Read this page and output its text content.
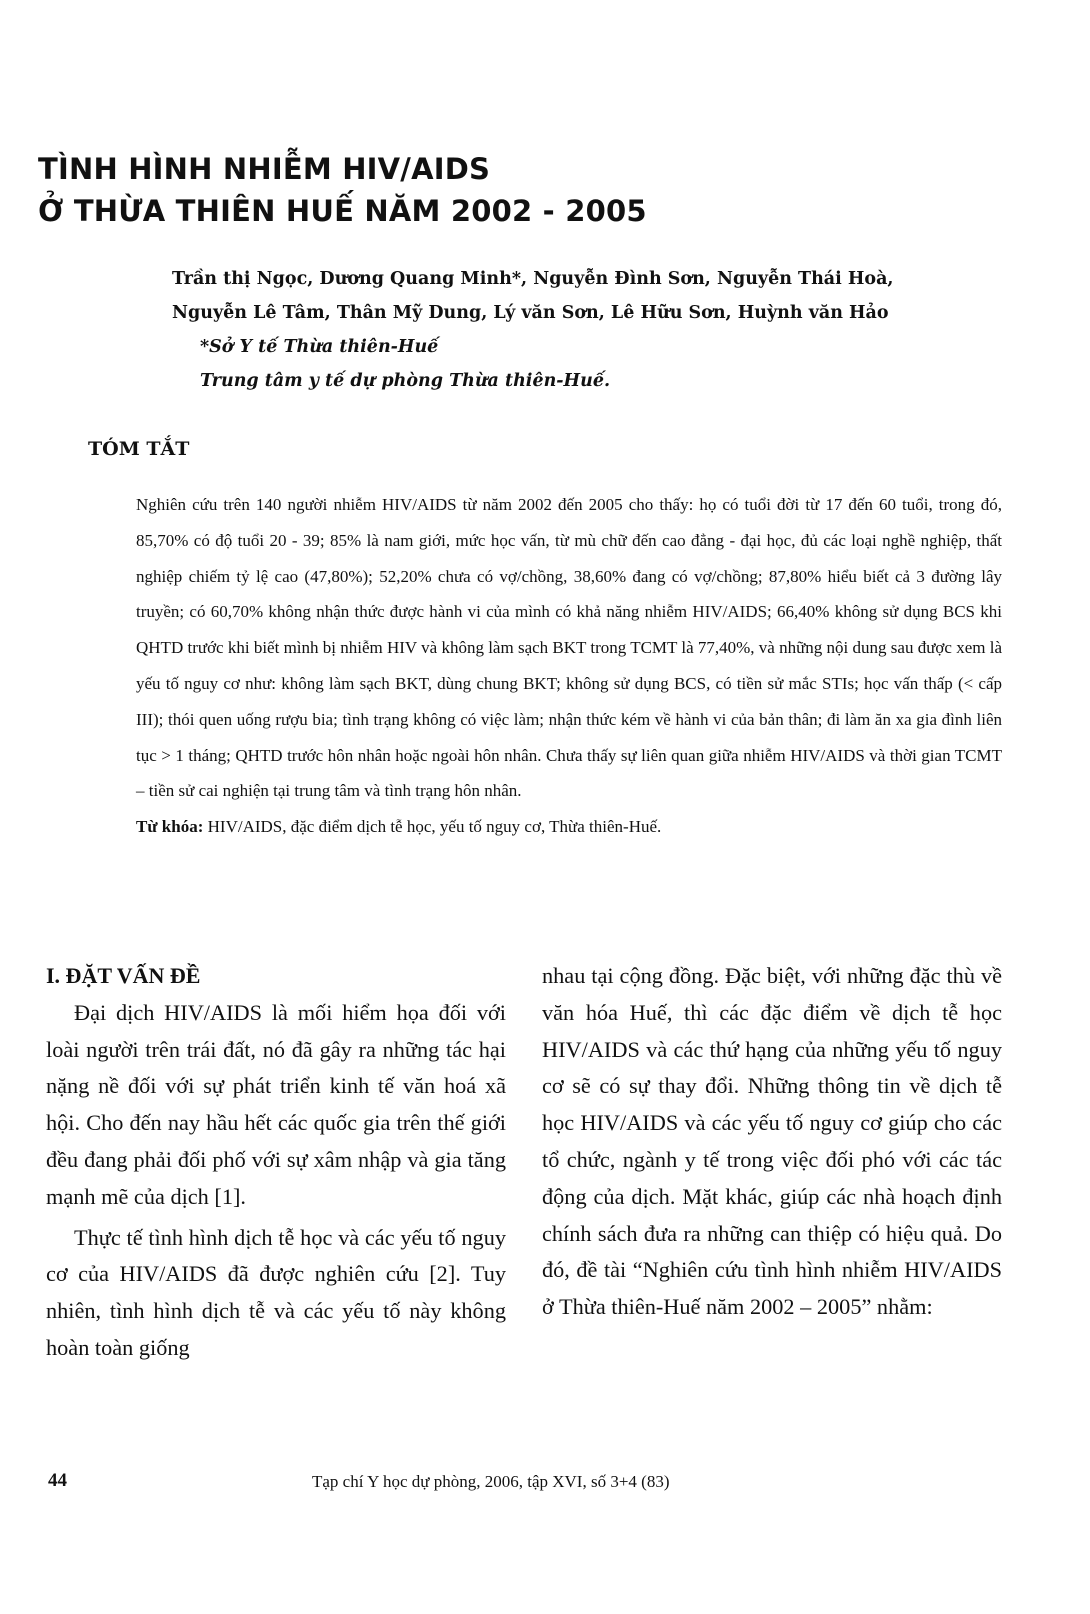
TÌNH HÌNH NHIỄM HIV/AIDS
Ở THỪA THIÊN HUẾ NĂM 2002 - 2005
Trần thị Ngọc, Dương Quang Minh*, Nguyễn Đình Sơn, Nguyễn Thái Hoà,
Nguyễn Lê Tâm, Thân Mỹ Dung, Lý văn Sơn, Lê Hữu Sơn, Huỳnh văn Hảo
*Sở Y tế Thừa thiên-Huế
Trung tâm y tế dự phòng Thừa thiên-Huế.
TÓM TẮT

Nghiên cứu trên 140 người nhiễm HIV/AIDS từ năm 2002 đến 2005 cho thấy: họ có tuổi đời từ 17 đến 60 tuổi, trong đó, 85,70% có độ tuổi 20 - 39; 85% là nam giới, mức học vấn, từ mù chữ đến cao đẳng - đại học, đủ các loại nghề nghiệp, thất nghiệp chiếm tỷ lệ cao (47,80%); 52,20% chưa có vợ/chồng, 38,60% đang có vợ/chồng; 87,80% hiểu biết cả 3 đường lây truyền; có 60,70% không nhận thức được hành vi của mình có khả năng nhiễm HIV/AIDS; 66,40% không sử dụng BCS khi QHTD trước khi biết mình bị nhiễm HIV và không làm sạch BKT trong TCMT là 77,40%, và những nội dung sau được xem là yếu tố nguy cơ như: không làm sạch BKT, dùng chung BKT; không sử dụng BCS, có tiền sử mắc STIs; học vấn thấp (< cấp III); thói quen uống rượu bia; tình trạng không có việc làm; nhận thức kém về hành vi của bản thân; đi làm ăn xa gia đình liên tục > 1 tháng; QHTD trước hôn nhân hoặc ngoài hôn nhân. Chưa thấy sự liên quan giữa nhiễm HIV/AIDS và thời gian TCMT – tiền sử cai nghiện tại trung tâm và tình trạng hôn nhân.

Từ khóa: HIV/AIDS, đặc điểm dịch tễ học, yếu tố nguy cơ, Thừa thiên-Huế.

I. ĐẶT VẤN ĐỀ

Đại dịch HIV/AIDS là mối hiểm họa đối với loài người trên trái đất, nó đã gây ra những tác hại nặng nề đối với sự phát triển kinh tế văn hoá xã hội. Cho đến nay hầu hết các quốc gia trên thế giới đều đang phải đối phố với sự xâm nhập và gia tăng mạnh mẽ của dịch [1].

Thực tế tình hình dịch tễ học và các yếu tố nguy cơ của HIV/AIDS đã được nghiên cứu [2]. Tuy nhiên, tình hình dịch tễ và các yếu tố này không hoàn toàn giống

nhau tại cộng đồng. Đặc biệt, với những đặc thù về văn hóa Huế, thì các đặc điểm về dịch tễ học HIV/AIDS và các thứ hạng của những yếu tố nguy cơ sẽ có sự thay đổi. Những thông tin về dịch tễ học HIV/AIDS và các yếu tố nguy cơ giúp cho các tổ chức, ngành y tế trong việc đối phó với các tác động của dịch. Mặt khác, giúp các nhà hoạch định chính sách đưa ra những can thiệp có hiệu quả. Do đó, đề tài “Nghiên cứu tình hình nhiễm HIV/AIDS ở Thừa thiên-Huế năm 2002 – 2005” nhằm:

44	Tạp chí Y học dự phòng, 2006, tập XVI, số 3+4 (83)
